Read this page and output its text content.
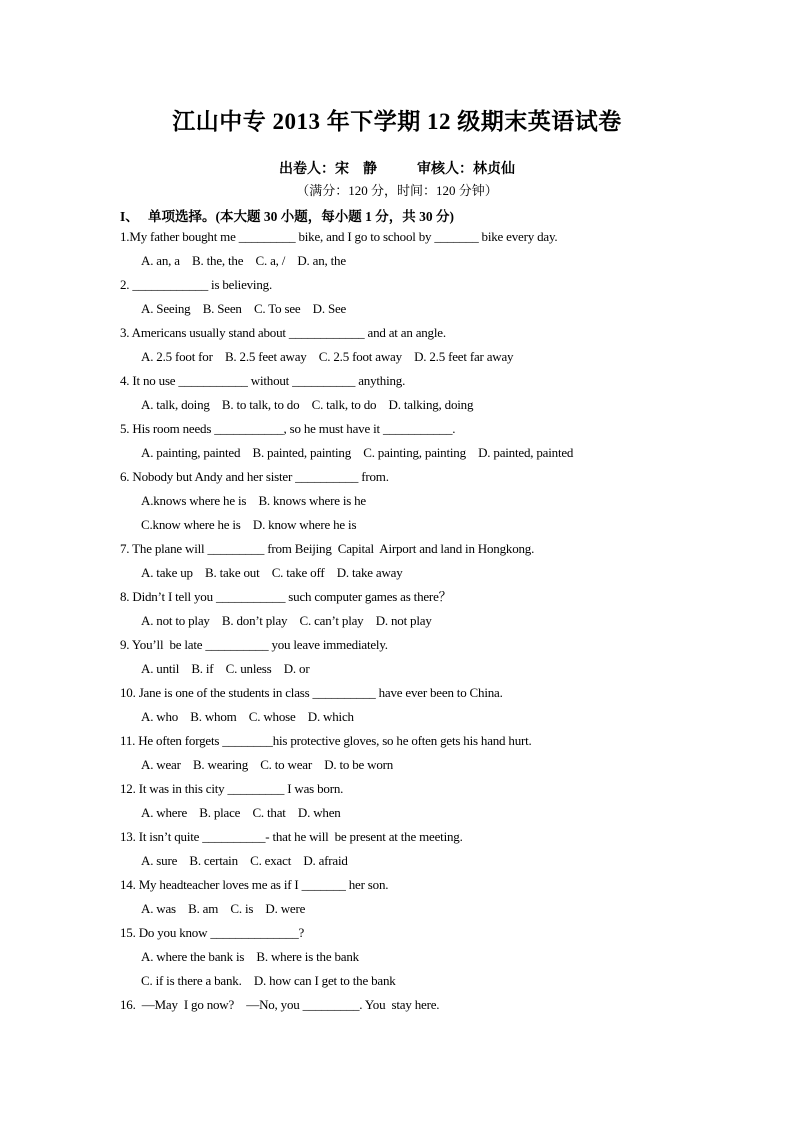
江山中专 2013 年下学期 12 级期末英语试卷
出卷人：宋　静	审核人：林贞仙
（满分：120 分，时间：120 分钟）
I、 单项选择。(本大题 30 小题，每小题 1 分，共 30 分)
1.My father bought me _________ bike, and I go to school by _______ bike every day.
A. an, a B. the, the C. a, / D. an, the
2. ____________ is believing.
A. Seeing B. Seen C. To see D. See
3. Americans usually stand about ____________ and at an angle.
A. 2.5 foot for B. 2.5 feet away C. 2.5 foot away D. 2.5 feet far away
4. It no use ___________ without __________ anything.
A. talk, doing B. to talk, to do C. talk, to do D. talking, doing
5. His room needs ___________, so he must have it ___________.
A. painting, painted B. painted, painting C. painting, painting D. painted, painted
6. Nobody but Andy and her sister __________ from.
A.knows where he is B. knows where is he
C.know where he is D. know where he is
7. The plane will _________ from Beijing  Capital  Airport and land in Hongkong.
A. take up B. take out C. take off D. take away
8. Didn’t I tell you ___________ such computer games as there？
A. not to play B. don’t play C. can’t play D. not play
9. You’ll  be late __________ you leave immediately.
A. until B. if C. unless D. or
10. Jane is one of the students in class __________ have ever been to China.
A. who B. whom C. whose D. which
11. He often forgets ________his protective gloves, so he often gets his hand hurt.
A. wear B. wearing C. to wear D. to be worn
12. It was in this city _________ I was born.
A. where B. place C. that D. when
13. It isn’t quite __________- that he will  be present at the meeting.
A. sure B. certain C. exact D. afraid
14. My headteacher loves me as if I _______ her son.
A. was B. am C. is D. were
15. Do you know ______________?
A. where the bank is B. where is the bank
C. if is there a bank. D. how can I get to the bank
16.  —May  I go now?    —No, you _________. You  stay here.
